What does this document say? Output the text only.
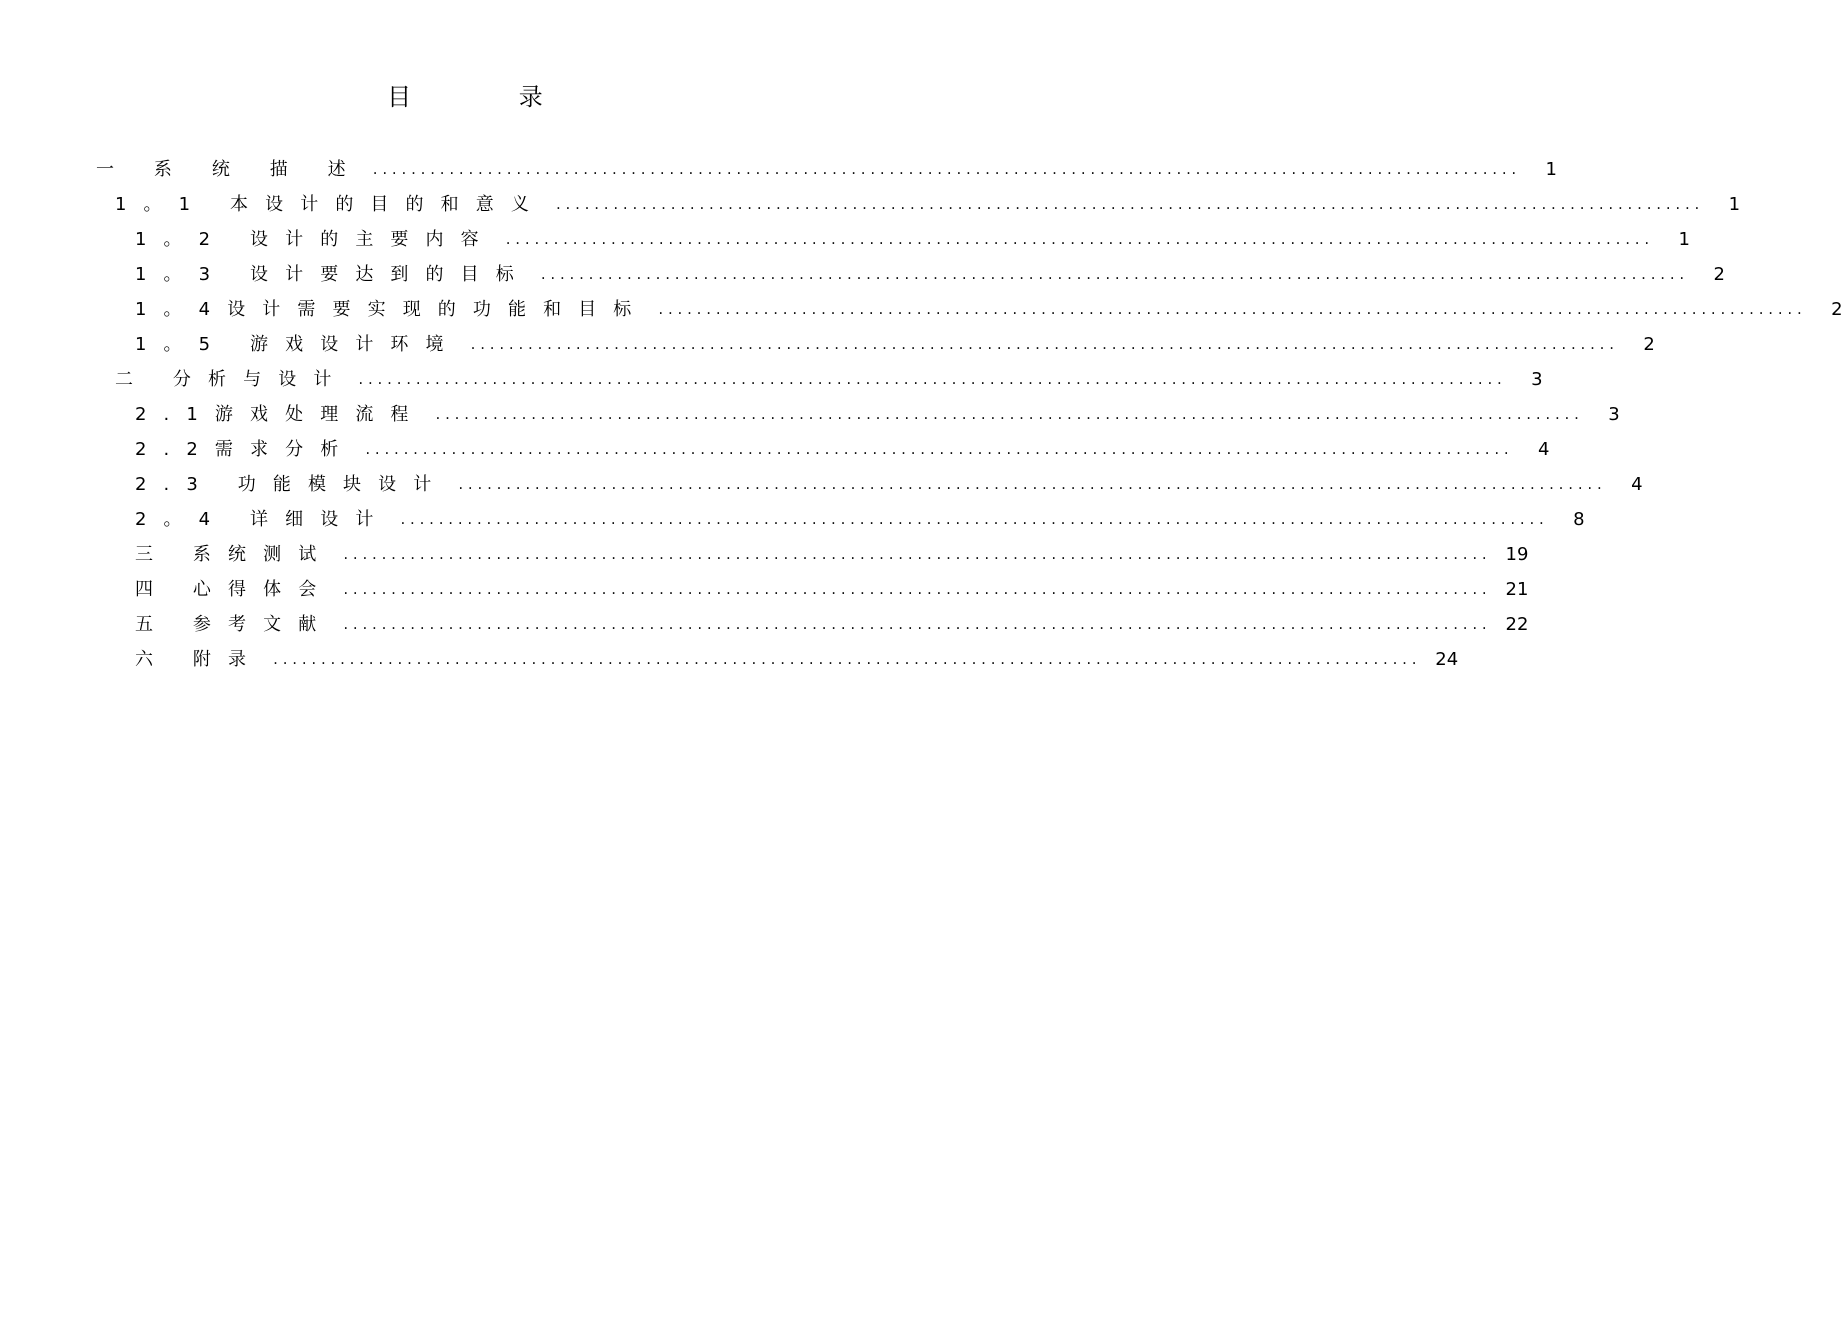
目 录
一 系 统 描 述 ........................................................................................................................	1
1。1 本设计的目的和意义 ........................................................................................................................	1
1。2 设计的主要内容 ........................................................................................................................	1
1。3 设计要达到的目标 ........................................................................................................................	2
1。4设计需要实现的功能和目标 ........................................................................................................................	2
1。5 游戏设计环境 ........................................................................................................................	2
二 分析与设计 ........................................................................................................................	3
2.1游戏处理流程 ........................................................................................................................	3
2.2需求分析 ........................................................................................................................	4
2.3 功能模块设计 ........................................................................................................................	4
2。4 详细设计 ........................................................................................................................	8
三 系统测试 ........................................................................................................................ 19
四 心得体会 ........................................................................................................................ 21
五 参考文献 ........................................................................................................................ 22
六 附录 ........................................................................................................................ 24
